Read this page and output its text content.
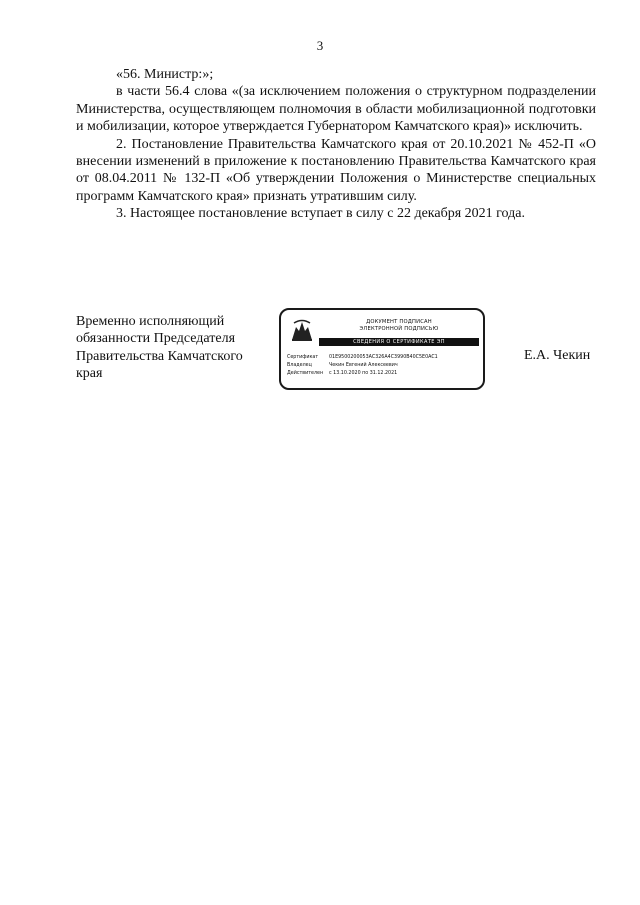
3

«56. Министр:»;

в части 56.4 слова «(за исключением положения о структурном подразделении Министерства, осуществляющем полномочия в области мобилизационной подготовки и мобилизации, которое утверждается Губернатором Камчатского края)» исключить.

2. Постановление Правительства Камчатского края от 20.10.2021 № 452-П «О внесении изменений в приложение к постановлению Правительства Камчатского края от 08.04.2011 № 132-П «Об утверждении Положения о Министерстве специальных программ Камчатского края» признать утратившим силу.

3. Настоящее постановление вступает в силу с 22 декабря 2021 года.

Временно исполняющий

обязанности Председателя

Правительства Камчатского

края

ДОКУМЕНТ ПОДПИСАН
ЭЛЕКТРОННОЙ ПОДПИСЬЮ
СВЕДЕНИЯ О СЕРТИФИКАТЕ ЭП
Сертификат	01E9500200053AC326A4C3990B40C5E0AC1
Владелец	Чекин Евгений Алексеевич
Действителен	с 13.10.2020 по 31.12.2021
Е.А. Чекин
